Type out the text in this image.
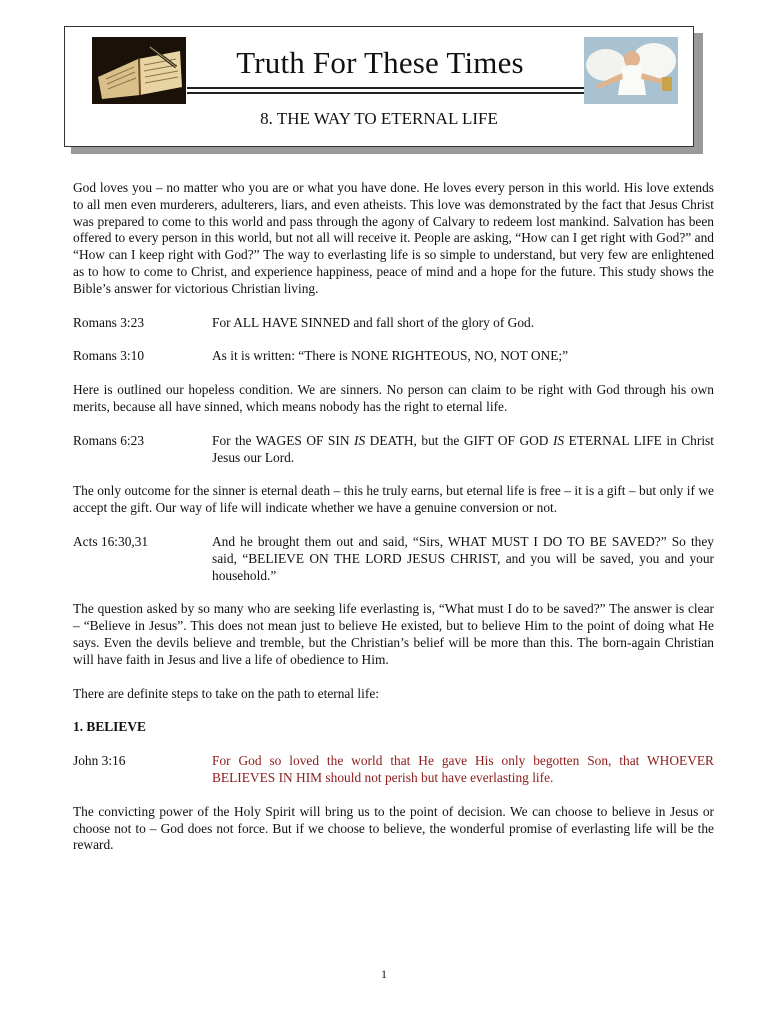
Truth For These Times
8. THE WAY TO ETERNAL LIFE

God loves you – no matter who you are or what you have done. He loves every person in this world. His love extends to all men even murderers, adulterers, liars, and even atheists. This love was demonstrated by the fact that Jesus Christ was prepared to come to this world and pass through the agony of Calvary to redeem lost mankind. Salvation has been offered to every person in this world, but not all will receive it. People are asking, “How can I get right with God?” and “How can I keep right with God?” The way to everlasting life is so simple to understand, but very few are enlightened as to how to come to Christ, and experience happiness, peace of mind and a hope for the future. This study shows the Bible’s answer for victorious Christian living.

Romans 3:23	For ALL HAVE SINNED and fall short of the glory of God.
Romans 3:10	As it is written: “There is NONE RIGHTEOUS, NO, NOT ONE;”

Here is outlined our hopeless condition. We are sinners. No person can claim to be right with God through his own merits, because all have sinned, which means nobody has the right to eternal life.

Romans 6:23	For the WAGES OF SIN IS DEATH, but the GIFT OF GOD IS ETERNAL LIFE in Christ Jesus our Lord.

The only outcome for the sinner is eternal death – this he truly earns, but eternal life is free – it is a gift – but only if we accept the gift. Our way of life will indicate whether we have a genuine conversion or not.

Acts 16:30,31	And he brought them out and said, “Sirs, WHAT MUST I DO TO BE SAVED?” So they said, “BELIEVE ON THE LORD JESUS CHRIST, and you will be saved, you and your household.”

The question asked by so many who are seeking life everlasting is, “What must I do to be saved?” The answer is clear – “Believe in Jesus”. This does not mean just to believe He existed, but to believe Him to the point of doing what He says. Even the devils believe and tremble, but the Christian’s belief will be more than this. The born-again Christian will have faith in Jesus and live a life of obedience to Him.

There are definite steps to take on the path to eternal life:

1. BELIEVE
John 3:16	For God so loved the world that He gave His only begotten Son, that WHOEVER BELIEVES IN HIM should not perish but have everlasting life.

The convicting power of the Holy Spirit will bring us to the point of decision. We can choose to believe in Jesus or choose not to – God does not force. But if we choose to believe, the wonderful promise of everlasting life will be the reward.

1
